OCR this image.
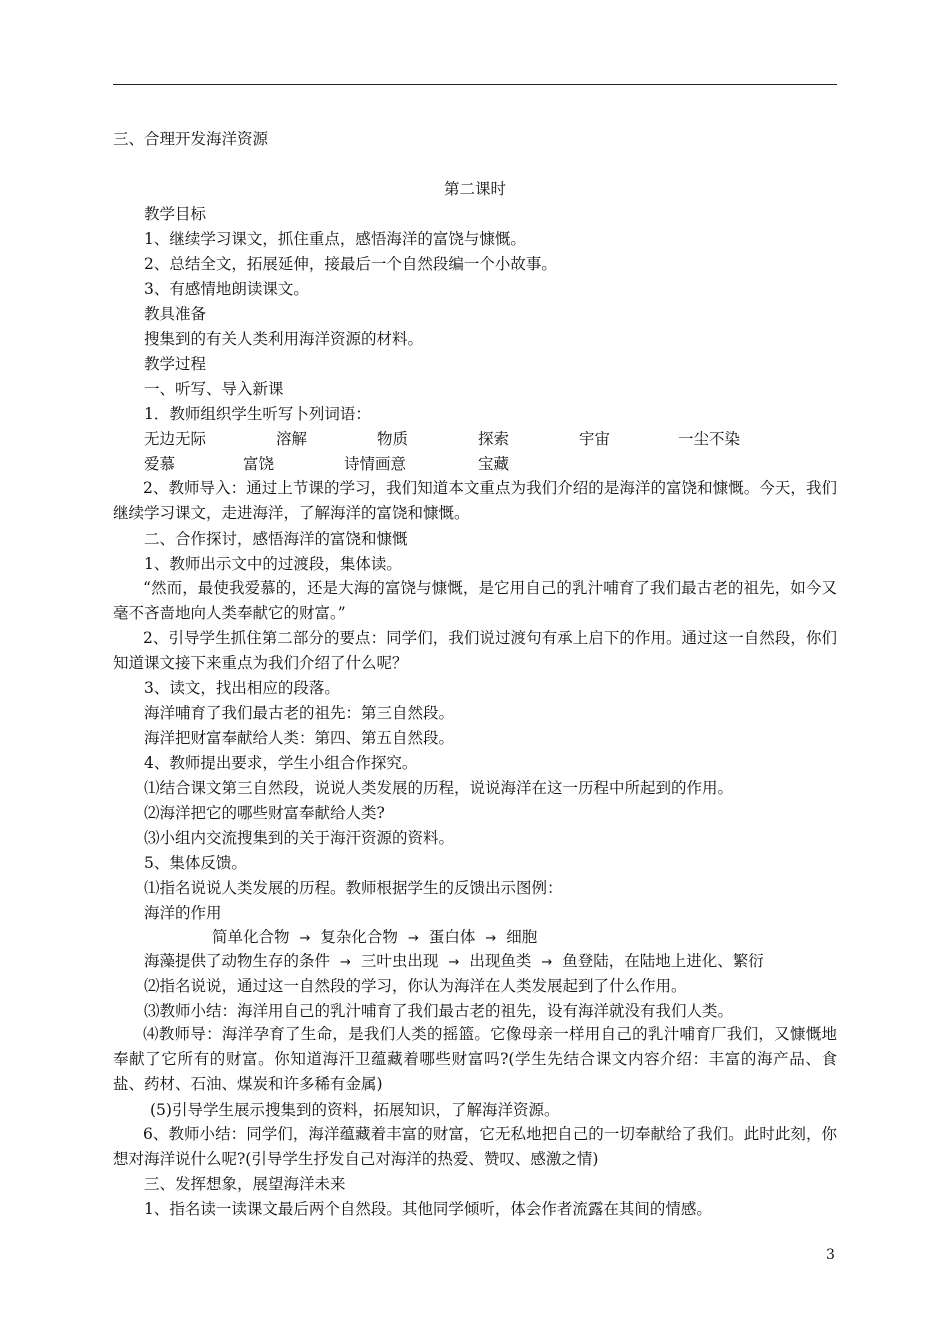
三、合理开发海洋资源
第二课时
教学目标
1、继续学习课文，抓住重点，感悟海洋的富饶与慷慨。
2、总结全文，拓展延伸，接最后一个自然段编一个小故事。
3、有感情地朗读课文。
教具准备
搜集到的有关人类利用海洋资源的材料。
教学过程
一、听写、导入新课
1．教师组织学生听写卜列词语：
无边无际	溶解	物质	探索	宇宙	一尘不染
爱慕	富饶	诗情画意	宝藏
2、教师导入：通过上节课的学习，我们知道本文重点为我们介绍的是海洋的富饶和慷慨。今天，我们继续学习课文，走进海洋，了解海洋的富饶和慷慨。
二、合作探讨，感悟海洋的富饶和慷慨
1、教师出示文中的过渡段，集体读。
“然而，最使我爱慕的，还是大海的富饶与慷慨，是它用自己的乳汁哺育了我们最古老的祖先，如今又毫不吝啬地向人类奉献它的财富。”
2、引导学生抓住第二部分的要点：同学们，我们说过渡句有承上启下的作用。通过这一自然段，你们知道课文接下来重点为我们介绍了什么呢？
3、读文，找出相应的段落。
海洋哺育了我们最古老的祖先：第三自然段。
海洋把财富奉献给人类：第四、第五自然段。
4、教师提出要求，学生小组合作探究。
⑴结合课文第三自然段，说说人类发展的历程，说说海洋在这一历程中所起到的作用。
⑵海洋把它的哪些财富奉献给人类?
⑶小组内交流搜集到的关于海汗资源的资料。
5、集体反馈。
⑴指名说说人类发展的历程。教师根据学生的反馈出示图例：
海洋的作用
简单化合物 → 复杂化合物 → 蛋白体 → 细胞
海藻提供了动物生存的条件 → 三叶虫出现 → 出现鱼类 → 鱼登陆，在陆地上进化、繁衍
⑵指名说说，通过这一自然段的学习，你认为海洋在人类发展起到了什么作用。
⑶教师小结：海洋用自己的乳汁哺育了我们最古老的祖先，设有海洋就没有我们人类。
⑷教师导：海洋孕育了生命，是我们人类的摇篮。它像母亲一样用自己的乳汁哺育厂我们，又慷慨地奉献了它所有的财富。你知道海汗卫蕴藏着哪些财富吗?(学生先结合课文内容介绍：丰富的海产品、食盐、药材、石油、煤炭和许多稀有金属)
(5)引导学生展示搜集到的资料，拓展知识，了解海洋资源。
6、教师小结：同学们，海洋蕴藏着丰富的财富，它无私地把自己的一切奉献给了我们。此时此刻，你想对海洋说什么呢?(引导学生抒发自己对海洋的热爱、赞叹、感激之情)
三、发挥想象，展望海洋未来
1、指名读一读课文最后两个自然段。其他同学倾听，体会作者流露在其间的情感。
3
